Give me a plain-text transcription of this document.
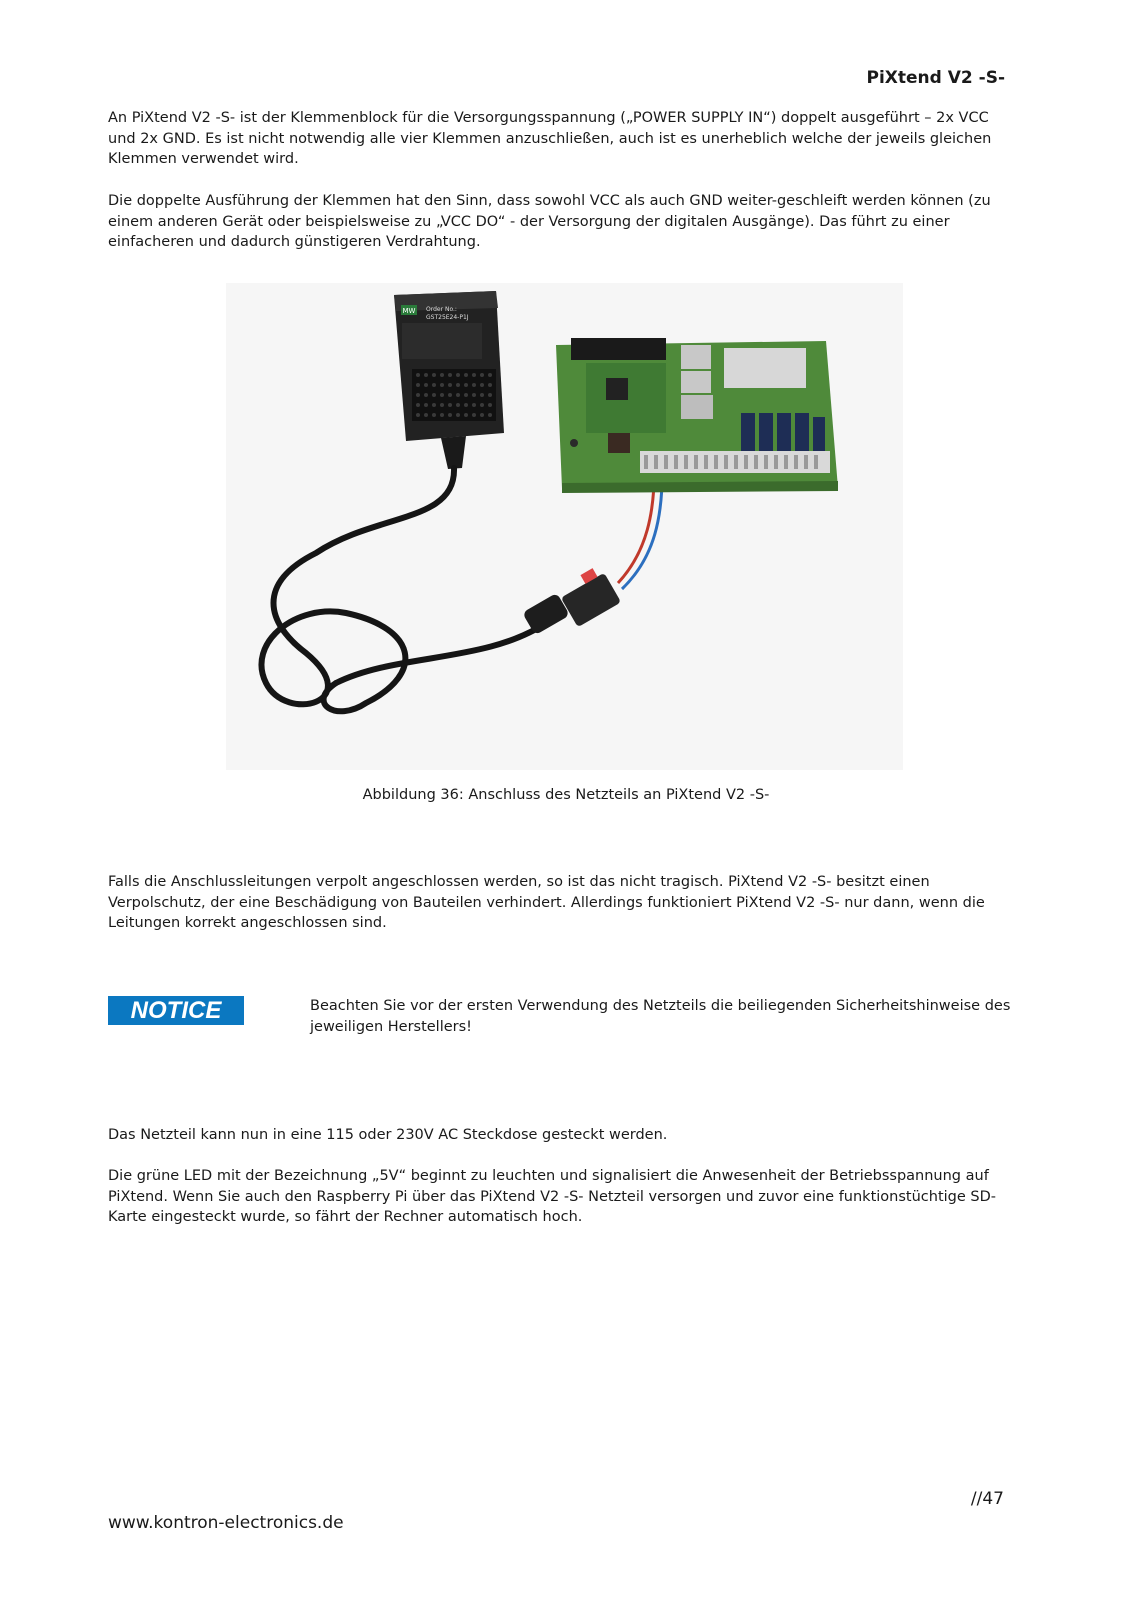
PiXtend V2 -S-

An PiXtend V2 -S- ist der Klemmenblock für die Versorgungsspannung („POWER SUPPLY IN“) doppelt ausgeführt – 2x VCC und 2x GND. Es ist nicht notwendig alle vier Klemmen anzuschließen, auch ist es unerheblich welche der jeweils gleichen Klemmen verwendet wird.

Die doppelte Ausführung der Klemmen hat den Sinn, dass sowohl VCC als auch GND weiter-geschleift werden können (zu einem anderen Gerät oder beispielsweise zu „VCC DO“ - der Versorgung der digitalen Ausgänge). Das führt zu einer einfacheren und dadurch günstigeren Verdrahtung.

MW Order No.:
GST25E24-P1J
Abbildung 36: Anschluss des Netzteils an PiXtend V2 -S-

Falls die Anschlussleitungen verpolt angeschlossen werden, so ist das nicht tragisch. PiXtend V2 -S- besitzt einen Verpolschutz, der eine Beschädigung von Bauteilen verhindert. Allerdings funktioniert PiXtend V2 -S- nur dann, wenn die Leitungen korrekt angeschlossen sind.

NOTICE	Beachten Sie vor der ersten Verwendung des Netzteils die beiliegenden Sicherheitshinweise des jeweiligen Herstellers!

Das Netzteil kann nun in eine 115 oder 230V AC Steckdose gesteckt werden.

Die grüne LED mit der Bezeichnung „5V“ beginnt zu leuchten und signalisiert die Anwesenheit der Betriebsspannung auf PiXtend. Wenn Sie auch den Raspberry Pi über das PiXtend V2 -S- Netzteil versorgen und zuvor eine funktionstüchtige SD-Karte eingesteckt wurde, so fährt der Rechner automatisch hoch.

//47
www.kontron-electronics.de
